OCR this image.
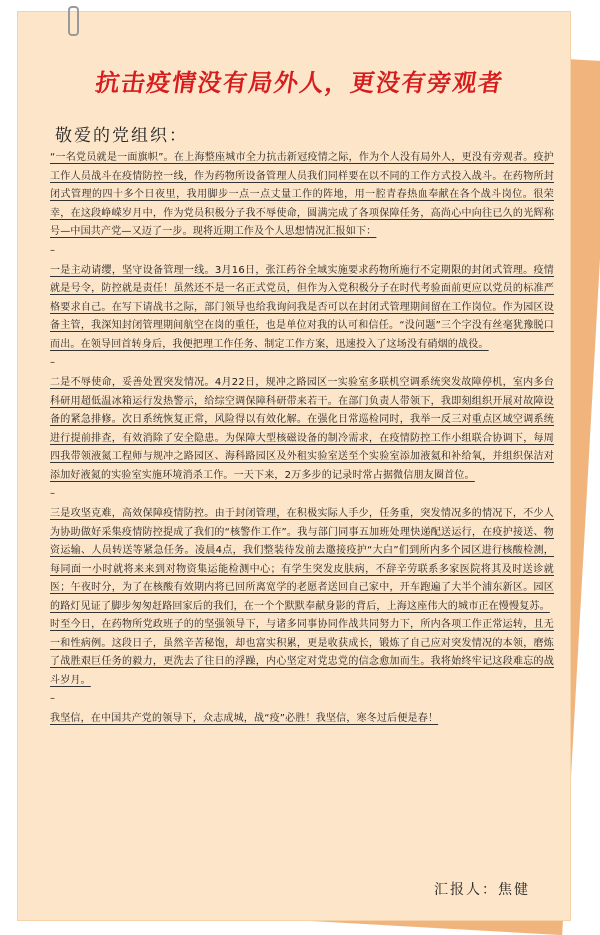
抗击疫情没有局外人，更没有旁观者
敬爱的党组织：

“一名党员就是一面旗帜”。在上海整座城市全力抗击新冠疫情之际，作为个人没有局外人，更没有旁观者。疫护工作人员战斗在疫情防控一线，作为药物所设备管理人员我们同样要在以不同的工作方式投入战斗。在药物所封闭式管理的四十多个日夜里，我用脚步一点一点丈量工作的阵地，用一腔青春热血奉献在各个战斗岗位。很荣幸，在这段峥嵘岁月中，作为党员积极分子我不辱使命，圆满完成了各项保障任务，高尚心中向往已久的光辉称号—中国共产党—又迈了一步。现将近期工作及个人思想情况汇报如下：

–

一是主动请缨，坚守设备管理一线。3月16日，张江药谷全域实施要求药物所施行不定期限的封闭式管理。疫情就是号令，防控就是责任！虽然还不是一名正式党员，但作为入党积极分子在时代考验面前更应以党员的标准严格要求自己。在写下请战书之际，部门领导也给我询问我是否可以在封闭式管理期间留在工作岗位。作为园区设备主管，我深知封闭管理期间航空在岗的重任，也是单位对我的认可和信任。“没问题”三个字没有丝毫犹豫脱口而出。在领导回首转身后，我便把理工作任务、制定工作方案，迅速投入了这场没有硝烟的战役。

–

二是不辱使命，妥善处置突发情况。4月22日，规冲之路园区一实验室多联机空调系统突发故障停机，室内多台科研用超低温冰箱运行发热警示，给综空调保障科研带来若干。在部门负责人带领下，我即刻组织开展对故障设备的紧急排修。次日系统恢复正常，风险得以有效化解。在强化日常巡检同时，我举一反三对重点区域空调系统进行提前排查，有效消除了安全隐患。为保障大型核磁设备的制冷需求，在疫情防控工作小组联合协调下，每周四我带领液氮工程师与规冲之路园区、海科路园区及外租实验室送至个实验室添加液氦和补给氧，并组织保洁对添加好液氮的实验室实施环境消杀工作。一天下来，2万多步的记录时常占据微信朋友圈首位。

–

三是攻坚克难，高效保障疫情防控。由于封闭管理，在积极实际人手少，任务重，突发情况多的情况下，不少人为协助做好采集疫情防控提成了我们的“核警作工作”。我与部门同事五加班处理快递配送运行，在疫护接送、物资运输、人员转送等紧急任务。凌晨4点，我们整装待发前去邀接疫护“大白”们到所内多个园区进行核酸检测，每同面一小时就将来来到对物资集运能检测中心；有学生突发皮肤病，不辞辛劳联系多家医院将其及时送诊就医；午夜时分，为了在核酸有效期内将已回所离宽学的老愿者送回自己家中，开车跑遍了大半个浦东新区。园区的路灯见证了脚步匆匆赶路回家后的我们，在一个个默默奉献身影的背后，上海这座伟大的城市正在慢慢复苏。

时至今日，在药物所党政班子的的坚强领导下，与诸多同事协同作战共同努力下，所内各项工作正常运转，且无一和性病例。这段日子，虽然辛苦秘饱，却也富实积累，更是收获成长，锻炼了自己应对突发情况的本领，磨炼了战胜艰巨任务的毅力，更洗去了往日的浮躁，内心坚定对党忠党的信念愈加而生。我将始终牢记这段难忘的战斗岁月。

–

我坚信，在中国共产党的领导下，众志成城，战“疫”必胜！我坚信，寒冬过后便是春！

汇报人：焦健
